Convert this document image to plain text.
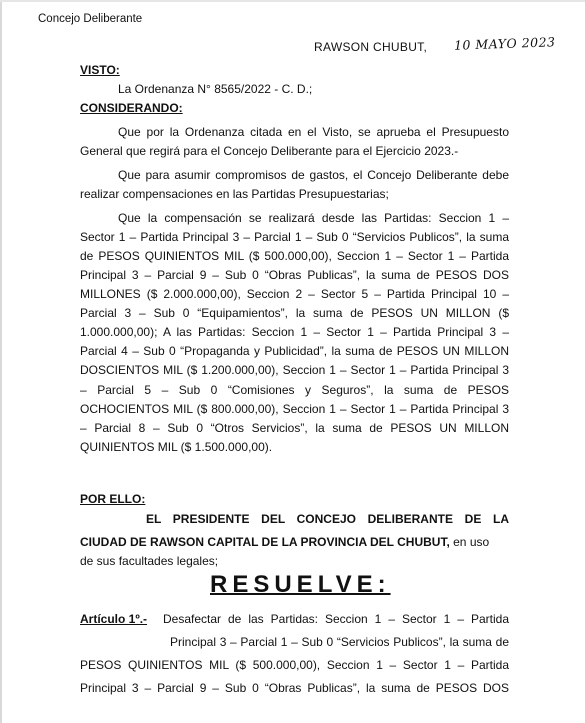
Concejo Deliberante
RAWSON CHUBUT, 10 MAYO 2023
VISTO:
La Ordenanza N° 8565/2022 - C. D.;
CONSIDERANDO:
Que por la Ordenanza citada en el Visto, se aprueba el Presupuesto
General que regirá para el Concejo Deliberante para el Ejercicio 2023.-
Que para asumir compromisos de gastos, el Concejo Deliberante debe
realizar compensaciones en las Partidas Presupuestarias;
Que la compensación se realizará desde las Partidas: Seccion 1 –
Sector 1 – Partida Principal 3 – Parcial 1 – Sub 0 “Servicios Publicos”, la suma
de PESOS QUINIENTOS MIL ($ 500.000,00), Seccion 1 – Sector 1 – Partida
Principal 3 – Parcial 9 – Sub 0 “Obras Publicas”, la suma de PESOS DOS
MILLONES ($ 2.000.000,00), Seccion 2 – Sector 5 – Partida Principal 10 –
Parcial 3 – Sub 0 “Equipamientos”, la suma de PESOS UN MILLON ($
1.000.000,00); A las Partidas: Seccion 1 – Sector 1 – Partida Principal 3 –
Parcial 4 – Sub 0 “Propaganda y Publicidad”, la suma de PESOS UN MILLON
DOSCIENTOS MIL ($ 1.200.000,00), Seccion 1 – Sector 1 – Partida Principal 3
– Parcial 5 – Sub 0 “Comisiones y Seguros”, la suma de PESOS
OCHOCIENTOS MIL ($ 800.000,00), Seccion 1 – Sector 1 – Partida Principal 3
– Parcial 8 – Sub 0 “Otros Servicios”, la suma de PESOS UN MILLON
QUINIENTOS MIL ($ 1.500.000,00).
POR ELLO:
EL PRESIDENTE DEL CONCEJO DELIBERANTE DE LA
CIUDAD DE RAWSON CAPITAL DE LA PROVINCIA DEL CHUBUT, en uso
de sus facultades legales;
RESUELVE:
Artículo 1º.- Desafectar de las Partidas: Seccion 1 – Sector 1 – Partida
Principal 3 – Parcial 1 – Sub 0 “Servicios Publicos”, la suma de
PESOS QUINIENTOS MIL ($ 500.000,00), Seccion 1 – Sector 1 – Partida
Principal 3 – Parcial 9 – Sub 0 “Obras Publicas”, la suma de PESOS DOS
